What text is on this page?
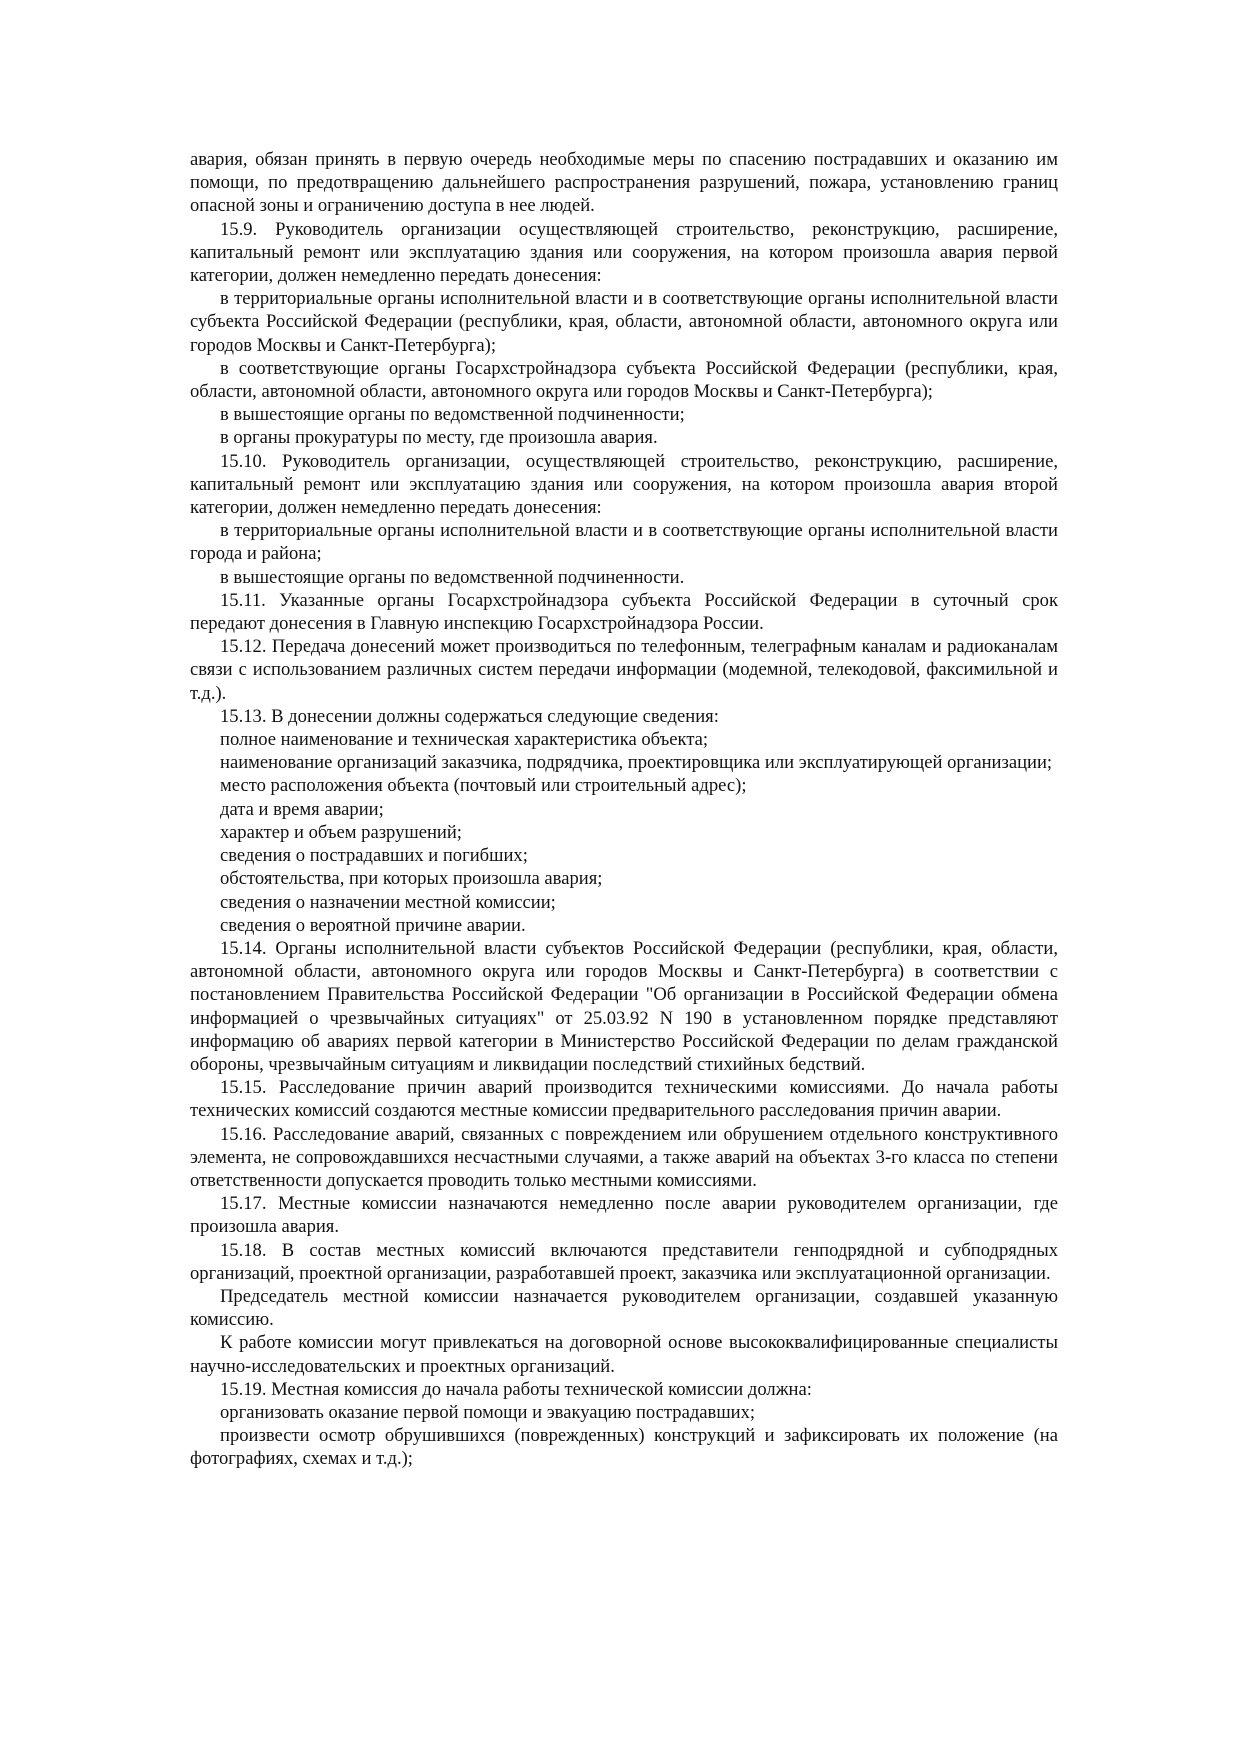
авария, обязан принять в первую очередь необходимые меры по спасению пострадавших и оказанию им помощи, по предотвращению дальнейшего распространения разрушений, пожара, установлению границ опасной зоны и ограничению доступа в нее людей.

15.9. Руководитель организации осуществляющей строительство, реконструкцию, расширение, капитальный ремонт или эксплуатацию здания или сооружения, на котором произошла авария первой категории, должен немедленно передать донесения:

в территориальные органы исполнительной власти и в соответствующие органы исполнительной власти субъекта Российской Федерации (республики, края, области, автономной области, автономного округа или городов Москвы и Санкт-Петербурга);

в соответствующие органы Госархстройнадзора субъекта Российской Федерации (республики, края, области, автономной области, автономного округа или городов Москвы и Санкт-Петербурга);

в вышестоящие органы по ведомственной подчиненности;

в органы прокуратуры по месту, где произошла авария.

15.10. Руководитель организации, осуществляющей строительство, реконструкцию, расширение, капитальный ремонт или эксплуатацию здания или сооружения, на котором произошла авария второй категории, должен немедленно передать донесения:

в территориальные органы исполнительной власти и в соответствующие органы исполнительной власти города и района;

в вышестоящие органы по ведомственной подчиненности.

15.11. Указанные органы Госархстройнадзора субъекта Российской Федерации в суточный срок передают донесения в Главную инспекцию Госархстройнадзора России.

15.12. Передача донесений может производиться по телефонным, телеграфным каналам и радиоканалам связи с использованием различных систем передачи информации (модемной, телекодовой, факсимильной и т.д.).

15.13. В донесении должны содержаться следующие сведения:

полное наименование и техническая характеристика объекта;

наименование организаций заказчика, подрядчика, проектировщика или эксплуатирующей организации;

место расположения объекта (почтовый или строительный адрес);

дата и время аварии;

характер и объем разрушений;

сведения о пострадавших и погибших;

обстоятельства, при которых произошла авария;

сведения о назначении местной комиссии;

сведения о вероятной причине аварии.

15.14. Органы исполнительной власти субъектов Российской Федерации (республики, края, области, автономной области, автономного округа или городов Москвы и Санкт-Петербурга) в соответствии с постановлением Правительства Российской Федерации "Об организации в Российской Федерации обмена информацией о чрезвычайных ситуациях" от 25.03.92 N 190 в установленном порядке представляют информацию об авариях первой категории в Министерство Российской Федерации по делам гражданской обороны, чрезвычайным ситуациям и ликвидации последствий стихийных бедствий.

15.15. Расследование причин аварий производится техническими комиссиями. До начала работы технических комиссий создаются местные комиссии предварительного расследования причин аварии.

15.16. Расследование аварий, связанных с повреждением или обрушением отдельного конструктивного элемента, не сопровождавшихся несчастными случаями, а также аварий на объектах 3-го класса по степени ответственности допускается проводить только местными комиссиями.

15.17. Местные комиссии назначаются немедленно после аварии руководителем организации, где произошла авария.

15.18. В состав местных комиссий включаются представители генподрядной и субподрядных организаций, проектной организации, разработавшей проект, заказчика или эксплуатационной организации.

Председатель местной комиссии назначается руководителем организации, создавшей указанную комиссию.

К работе комиссии могут привлекаться на договорной основе высококвалифицированные специалисты научно-исследовательских и проектных организаций.

15.19. Местная комиссия до начала работы технической комиссии должна:

организовать оказание первой помощи и эвакуацию пострадавших;

произвести осмотр обрушившихся (поврежденных) конструкций и зафиксировать их положение (на фотографиях, схемах и т.д.);
